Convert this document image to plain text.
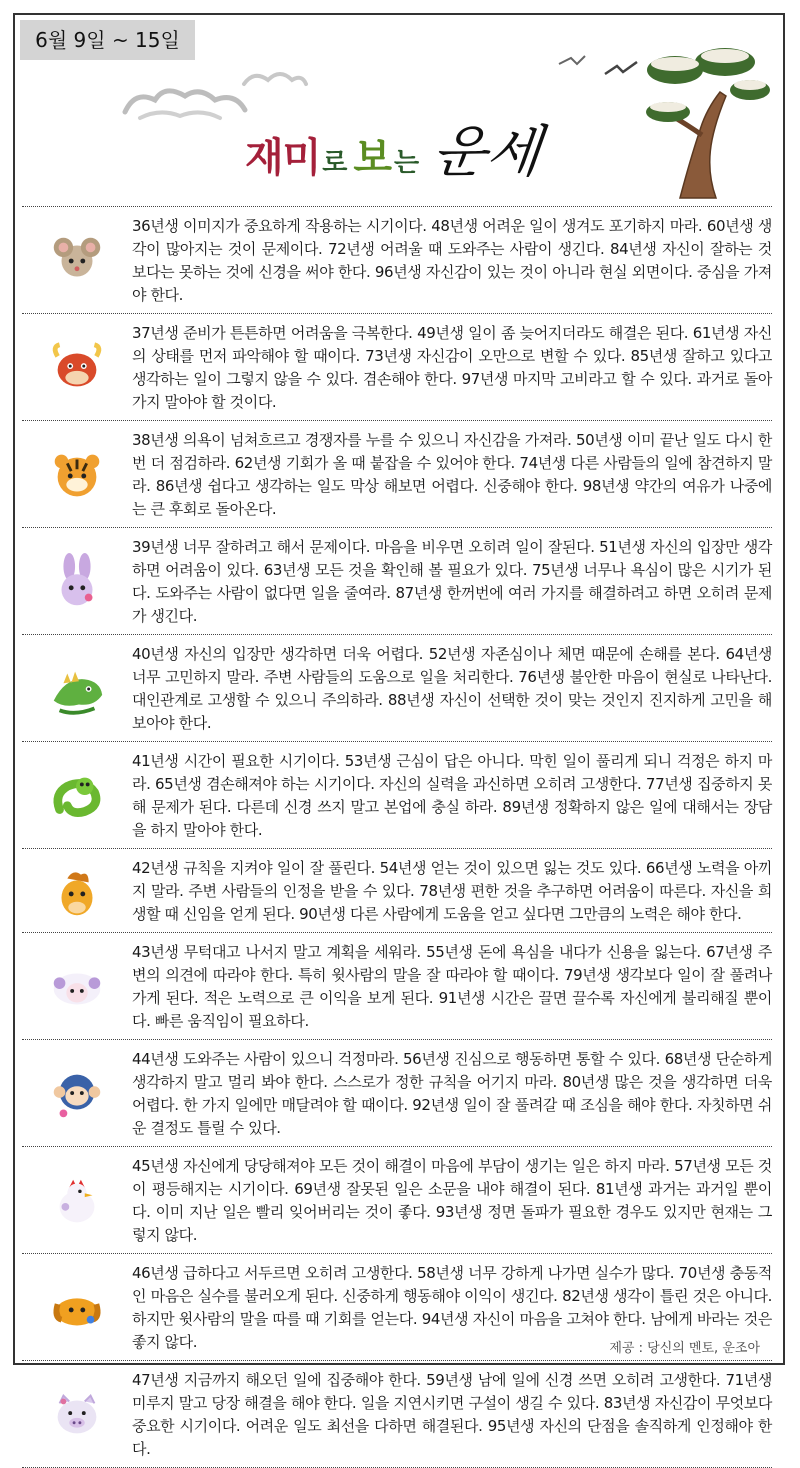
6월 9일 ~ 15일
재미 로 보 는 운세
36년생 이미지가 중요하게 작용하는 시기이다. 48년생 어려운 일이 생겨도 포기하지 마라. 60년생 생각이 많아지는 것이 문제이다. 72년생 어려울 때 도와주는 사람이 생긴다. 84년생 자신이 잘하는 것 보다는 못하는 것에 신경을 써야 한다. 96년생 자신감이 있는 것이 아니라 현실 외면이다. 중심을 가져야 한다.
37년생 준비가 튼튼하면 어려움을 극복한다. 49년생 일이 좀 늦어지더라도 해결은 된다. 61년생 자신의 상태를 먼저 파악해야 할 때이다. 73년생 자신감이 오만으로 변할 수 있다. 85년생 잘하고 있다고 생각하는 일이 그렇지 않을 수 있다. 겸손해야 한다. 97년생 마지막 고비라고 할 수 있다. 과거로 돌아가지 말아야 할 것이다.
38년생 의욕이 넘쳐흐르고 경쟁자를 누를 수 있으니 자신감을 가져라. 50년생 이미 끝난 일도 다시 한번 더 점검하라. 62년생 기회가 올 때 붙잡을 수 있어야 한다. 74년생 다른 사람들의 일에 참견하지 말라. 86년생 쉽다고 생각하는 일도 막상 해보면 어렵다. 신중해야 한다. 98년생 약간의 여유가 나중에는 큰 후회로 돌아온다.
39년생 너무 잘하려고 해서 문제이다. 마음을 비우면 오히려 일이 잘된다. 51년생 자신의 입장만 생각하면 어려움이 있다. 63년생 모든 것을 확인해 볼 필요가 있다. 75년생 너무나 욕심이 많은 시기가 된다. 도와주는 사람이 없다면 일을 줄여라. 87년생 한꺼번에 여러 가지를 해결하려고 하면 오히려 문제가 생긴다.
40년생 자신의 입장만 생각하면 더욱 어렵다. 52년생 자존심이나 체면 때문에 손해를 본다. 64년생 너무 고민하지 말라. 주변 사람들의 도움으로 일을 처리한다. 76년생 불안한 마음이 현실로 나타난다. 대인관계로 고생할 수 있으니 주의하라. 88년생 자신이 선택한 것이 맞는 것인지 진지하게 고민을 해 보아야 한다.
41년생 시간이 필요한 시기이다. 53년생 근심이 답은 아니다. 막힌 일이 풀리게 되니 걱정은 하지 마라. 65년생 겸손해져야 하는 시기이다. 자신의 실력을 과신하면 오히려 고생한다. 77년생 집중하지 못해 문제가 된다. 다른데 신경 쓰지 말고 본업에 충실 하라. 89년생 정확하지 않은 일에 대해서는 장담을 하지 말아야 한다.
42년생 규칙을 지켜야 일이 잘 풀린다. 54년생 얻는 것이 있으면 잃는 것도 있다. 66년생 노력을 아끼지 말라. 주변 사람들의 인정을 받을 수 있다. 78년생 편한 것을 추구하면 어려움이 따른다. 자신을 희생할 때 신임을 얻게 된다. 90년생 다른 사람에게 도움을 얻고 싶다면 그만큼의 노력은 해야 한다.
43년생 무턱대고 나서지 말고 계획을 세워라. 55년생 돈에 욕심을 내다가 신용을 잃는다. 67년생 주변의 의견에 따라야 한다. 특히 윗사람의 말을 잘 따라야 할 때이다. 79년생 생각보다 일이 잘 풀려나가게 된다. 적은 노력으로 큰 이익을 보게 된다. 91년생 시간은 끌면 끌수록 자신에게 불리해질 뿐이다. 빠른 움직임이 필요하다.
44년생 도와주는 사람이 있으니 걱정마라. 56년생 진심으로 행동하면 통할 수 있다. 68년생 단순하게 생각하지 말고 멀리 봐야 한다. 스스로가 정한 규칙을 어기지 마라. 80년생 많은 것을 생각하면 더욱 어렵다. 한 가지 일에만 매달려야 할 때이다. 92년생 일이 잘 풀려갈 때 조심을 해야 한다. 자칫하면 쉬운 결정도 틀릴 수 있다.
45년생 자신에게 당당해져야 모든 것이 해결이 마음에 부담이 생기는 일은 하지 마라. 57년생 모든 것이 평등해지는 시기이다. 69년생 잘못된 일은 소문을 내야 해결이 된다. 81년생 과거는 과거일 뿐이다. 이미 지난 일은 빨리 잊어버리는 것이 좋다. 93년생 정면 돌파가 필요한 경우도 있지만 현재는 그렇지 않다.
46년생 급하다고 서두르면 오히려 고생한다. 58년생 너무 강하게 나가면 실수가 많다. 70년생 충동적인 마음은 실수를 불러오게 된다. 신중하게 행동해야 이익이 생긴다. 82년생 생각이 틀린 것은 아니다. 하지만 윗사람의 말을 따를 때 기회를 얻는다. 94년생 자신이 마음을 고쳐야 한다. 남에게 바라는 것은 좋지 않다.
47년생 지금까지 해오던 일에 집중해야 한다. 59년생 남에 일에 신경 쓰면 오히려 고생한다. 71년생 미루지 말고 당장 해결을 해야 한다. 일을 지연시키면 구설이 생길 수 있다. 83년생 자신감이 무엇보다 중요한 시기이다. 어려운 일도 최선을 다하면 해결된다. 95년생 자신의 단점을 솔직하게 인정해야 한다.
제공 : 당신의 멘토, 운조아
